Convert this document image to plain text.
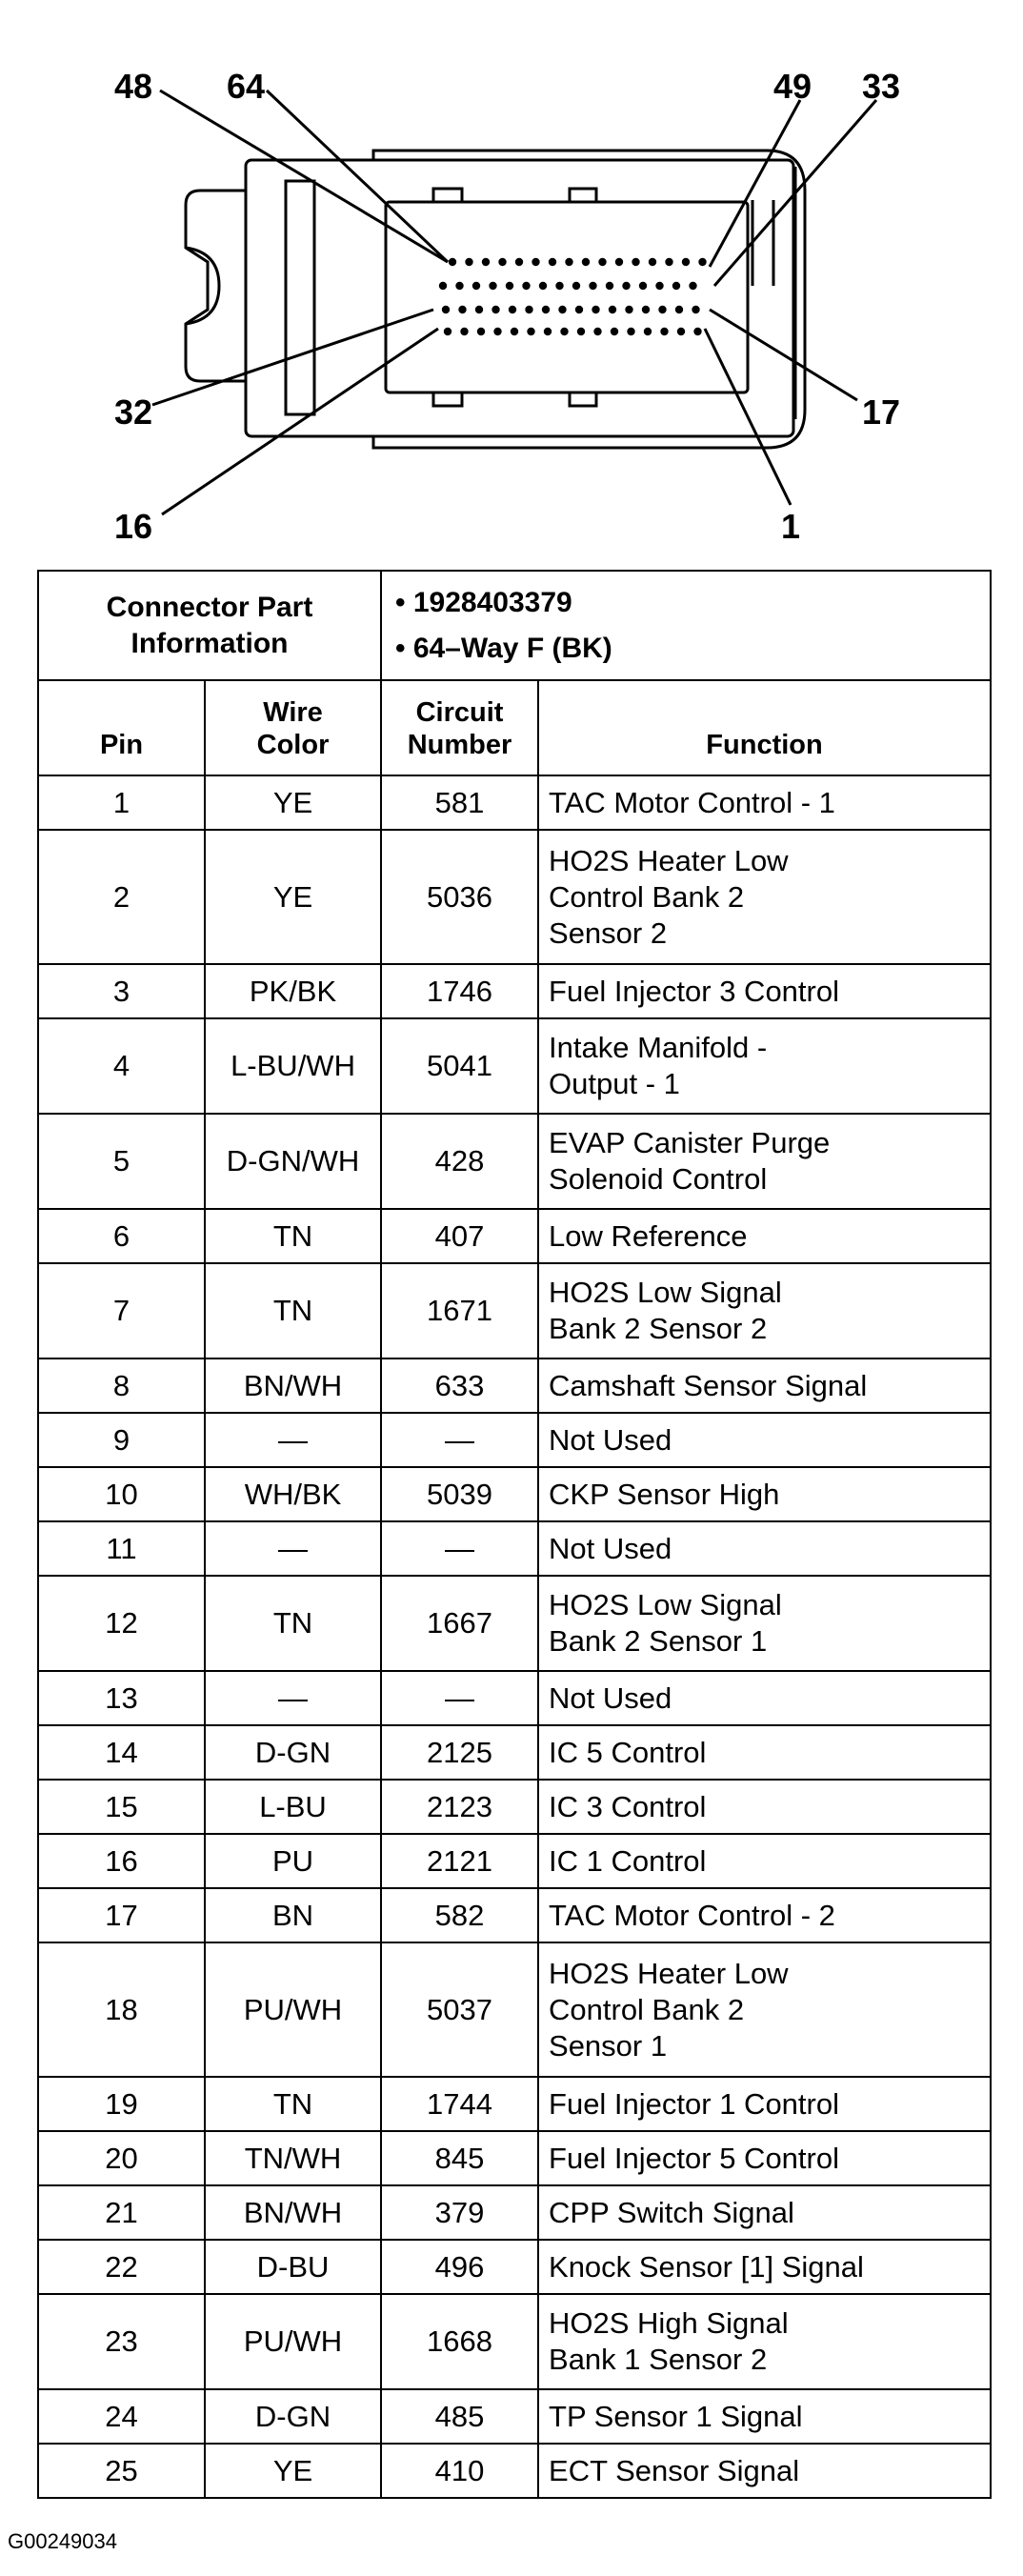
48 64	49 33
32	17
16	1
Connector Part Information		• 1928403379
• 64–Way F (BK)	

Pin	Wire Color	Circuit Number	Function
1	YE	581	TAC Motor Control - 1
2	YE	5036	HO2S Heater Low
Control Bank 2
Sensor 2
3	PK/BK	1746	Fuel Injector 3 Control
4	L-BU/WH	5041	Intake Manifold -
Output - 1
5	D-GN/WH	428	EVAP Canister Purge
Solenoid Control
6	TN	407	Low Reference
7	TN	1671	HO2S Low Signal
Bank 2 Sensor 2
8	BN/WH	633	Camshaft Sensor Signal
9	—	—	Not Used
10	WH/BK	5039	CKP Sensor High
11	—	—	Not Used
12	TN	1667	HO2S Low Signal
Bank 2 Sensor 1
13	—	—	Not Used
14	D-GN	2125	IC 5 Control
15	L-BU	2123	IC 3 Control
16	PU	2121	IC 1 Control
17	BN	582	TAC Motor Control - 2
18	PU/WH	5037	HO2S Heater Low
Control Bank 2
Sensor 1
19	TN	1744	Fuel Injector 1 Control
20	TN/WH	845	Fuel Injector 5 Control
21	BN/WH	379	CPP Switch Signal
22	D-BU	496	Knock Sensor [1] Signal
23	PU/WH	1668	HO2S High Signal
Bank 1 Sensor 2
24	D-GN	485	TP Sensor 1 Signal
25	YE	410	ECT Sensor Signal
G00249034
